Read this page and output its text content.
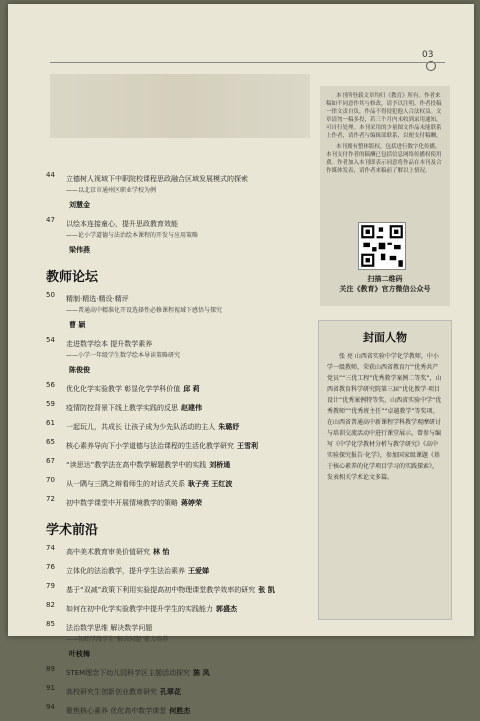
03
44	立德树人视域下中职院校课程思政融合区域发展模式的探索
——以北京市通州区职业学校为例
刘慧金
47	以绘本连接童心，提升思政教育效能
——论小学道德与法治绘本课程的开发与应用策略
梁伟燕
教师论坛
50	精制·精选·精设·精评
——普通高中精准化开设选择性必修课程视域下感悟与探究
曹 颖
54	走进数学绘本 提升数学素养
——小学一年级学生数学绘本导读策略研究
陈俊俊
56	优化化学实验教学 彰显化学学科价值 邱 莉
59	疫情防控背景下线上教学实践的反思 赵建伟
61	一起玩儿，共成长 让孩子成为少先队活动的主人 朱璐妤
65	核心素养导向下小学道德与法治课程的生活化教学研究 王雪利
67	“读思达”教学法在高中数学解题教学中的实践 刘桥通
70	从一隅与三隅之辩看师生的对话式关系 耿子亮 王红波
72	初中数学课堂中开展情境教学的策略 蒋婷荣
学术前沿
74	高中美术教育审美价值研究 林 怡
76	立体化的法治教学，提升学生法治素养 王爱娣
79	基于“双减”政策下利用实验提高初中物理课堂教学效率的研究 张 凯
82	如何在初中化学实验教学中提升学生的实践能力 郭盛杰
85	法治数学思维 解决数学问题
——初始学段学生“解决问题”能力培养
叶枝梅
89	STEM理念下幼儿园科学区主题活动探究 陈 凤
91	高校研究生创新创业教育研究 孔翠花
94	聚焦核心素养 优化高中数学课堂 何胜杰

本刊所登载文章均归《教育》所有。作者来稿如不同意作其与修改，请予以注明。作者投稿一律文责自负，作品不得侵犯他人合法权益。文章请勿一稿多投，若三个月内未收到录用通知，可自行处理。本刊采用的少量图文作品未能联系上作者，请作者与编辑部联系，以便支付稿酬。

本刊拥有整体版权，包括进行数字化传播。本刊支付作者的稿酬已包括信息网络传播权使用费。作者加入本刊即表示同意将作品在本刊及合作媒体发表，请作者来稿前了解以上情况。

扫描二维码
关注《教育》官方微信公众号
封面人物

张 亮 山西省实验中学化学教师，中小学一级教师，荣获山西省教育厅“优秀共产党员”“三优工程”优秀教学案例二等奖”，山西省教育科学研究院第三届“优化教学·项目设计”优秀案例特等奖，山西省实验中学“优秀教师”“优秀班主任”“卓越教学”等奖项。在山西省普通高中新课程学科教学观摩研讨与培训交流活动中进行课堂展示。曾参与编写《中学化学教材分析与教学研究》《高中实验探究报告·化学》，参加国家级课题《基于核心素养的化学项目学习的实践探索》，发表相关学术论文多篇。
